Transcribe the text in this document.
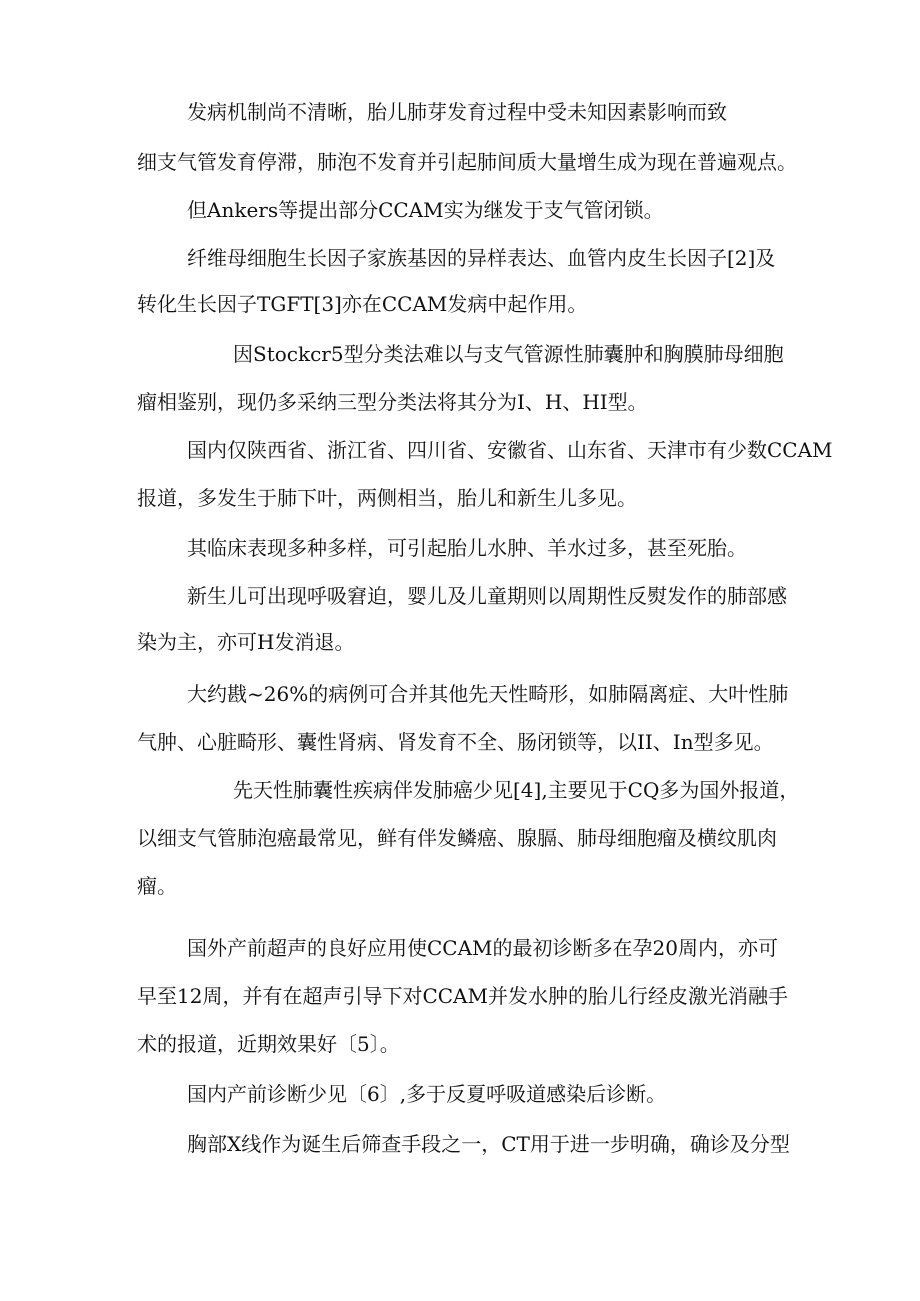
发病机制尚不清晰，胎儿肺芽发育过程中受未知因素影响而致
细支气管发育停滞，肺泡不发育并引起肺间质大量增生成为现在普遍观点。
但Ankers等提出部分CCAM实为继发于支气管闭锁。
纤维母细胞生长因子家族基因的异样表达、血管内皮生长因子[2]及
转化生长因子TGFT[3]亦在CCAM发病中起作用。
因Stockcr5型分类法难以与支气管源性肺囊肿和胸膜肺母细胞
瘤相鉴别，现仍多采纳三型分类法将其分为I、H、HI型。
国内仅陕西省、浙江省、四川省、安徽省、山东省、天津市有少数CCAM
报道，多发生于肺下叶，两侧相当，胎儿和新生儿多见。
其临床表现多种多样，可引起胎儿水肿、羊水过多，甚至死胎。
新生儿可出现呼吸窘迫，婴儿及儿童期则以周期性反熨发作的肺部感
染为主，亦可H发消退。
大约戡~26%的病例可合并其他先天性畸形，如肺隔离症、大叶性肺
气肿、心脏畸形、囊性肾病、肾发育不全、肠闭锁等，以II、In型多见。
先天性肺囊性疾病伴发肺癌少见[4],主要见于CQ多为国外报道，
以细支气管肺泡癌最常见，鲜有伴发鳞癌、腺膈、肺母细胞瘤及横纹肌肉
瘤。
国外产前超声的良好应用使CCAM的最初诊断多在孕20周内，亦可
早至12周，并有在超声引导下对CCAM并发水肿的胎儿行经皮激光消融手
术的报道，近期效果好〔5〕。
国内产前诊断少见〔6〕,多于反夏呼吸道感染后诊断。
胸部X线作为诞生后筛查手段之一，CT用于进一步明确，确诊及分型
